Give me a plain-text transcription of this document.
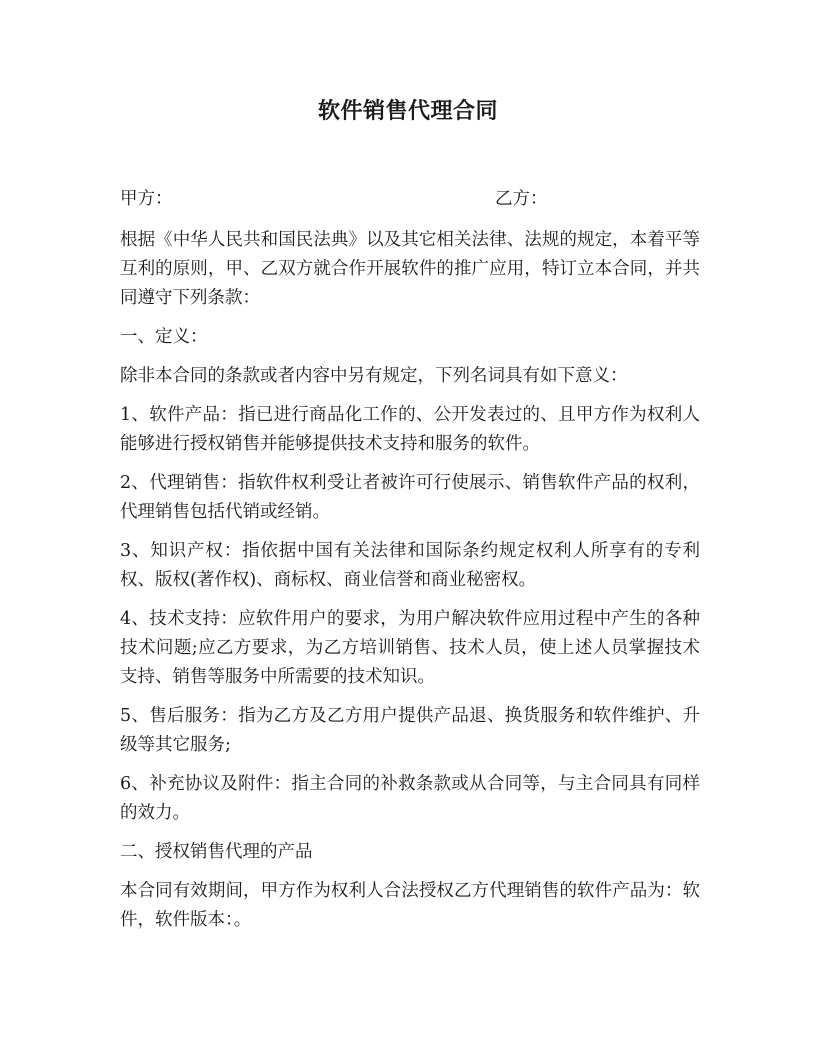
软件销售代理合同
甲方：	乙方：

根据《中华人民共和国民法典》以及其它相关法律、法规的规定，本着平等互利的原则，甲、乙双方就合作开展软件的推广应用，特订立本合同，并共同遵守下列条款：

一、定义：

除非本合同的条款或者内容中另有规定，下列名词具有如下意义：

1、软件产品：指已进行商品化工作的、公开发表过的、且甲方作为权利人能够进行授权销售并能够提供技术支持和服务的软件。

2、代理销售：指软件权利受让者被许可行使展示、销售软件产品的权利，代理销售包括代销或经销。

3、知识产权：指依据中国有关法律和国际条约规定权利人所享有的专利权、版权(著作权)、商标权、商业信誉和商业秘密权。

4、技术支持：应软件用户的要求，为用户解决软件应用过程中产生的各种技术问题;应乙方要求，为乙方培训销售、技术人员，使上述人员掌握技术支持、销售等服务中所需要的技术知识。

5、售后服务：指为乙方及乙方用户提供产品退、换货服务和软件维护、升级等其它服务;

6、补充协议及附件：指主合同的补救条款或从合同等，与主合同具有同样的效力。

二、授权销售代理的产品

本合同有效期间，甲方作为权利人合法授权乙方代理销售的软件产品为：软件，软件版本：。
